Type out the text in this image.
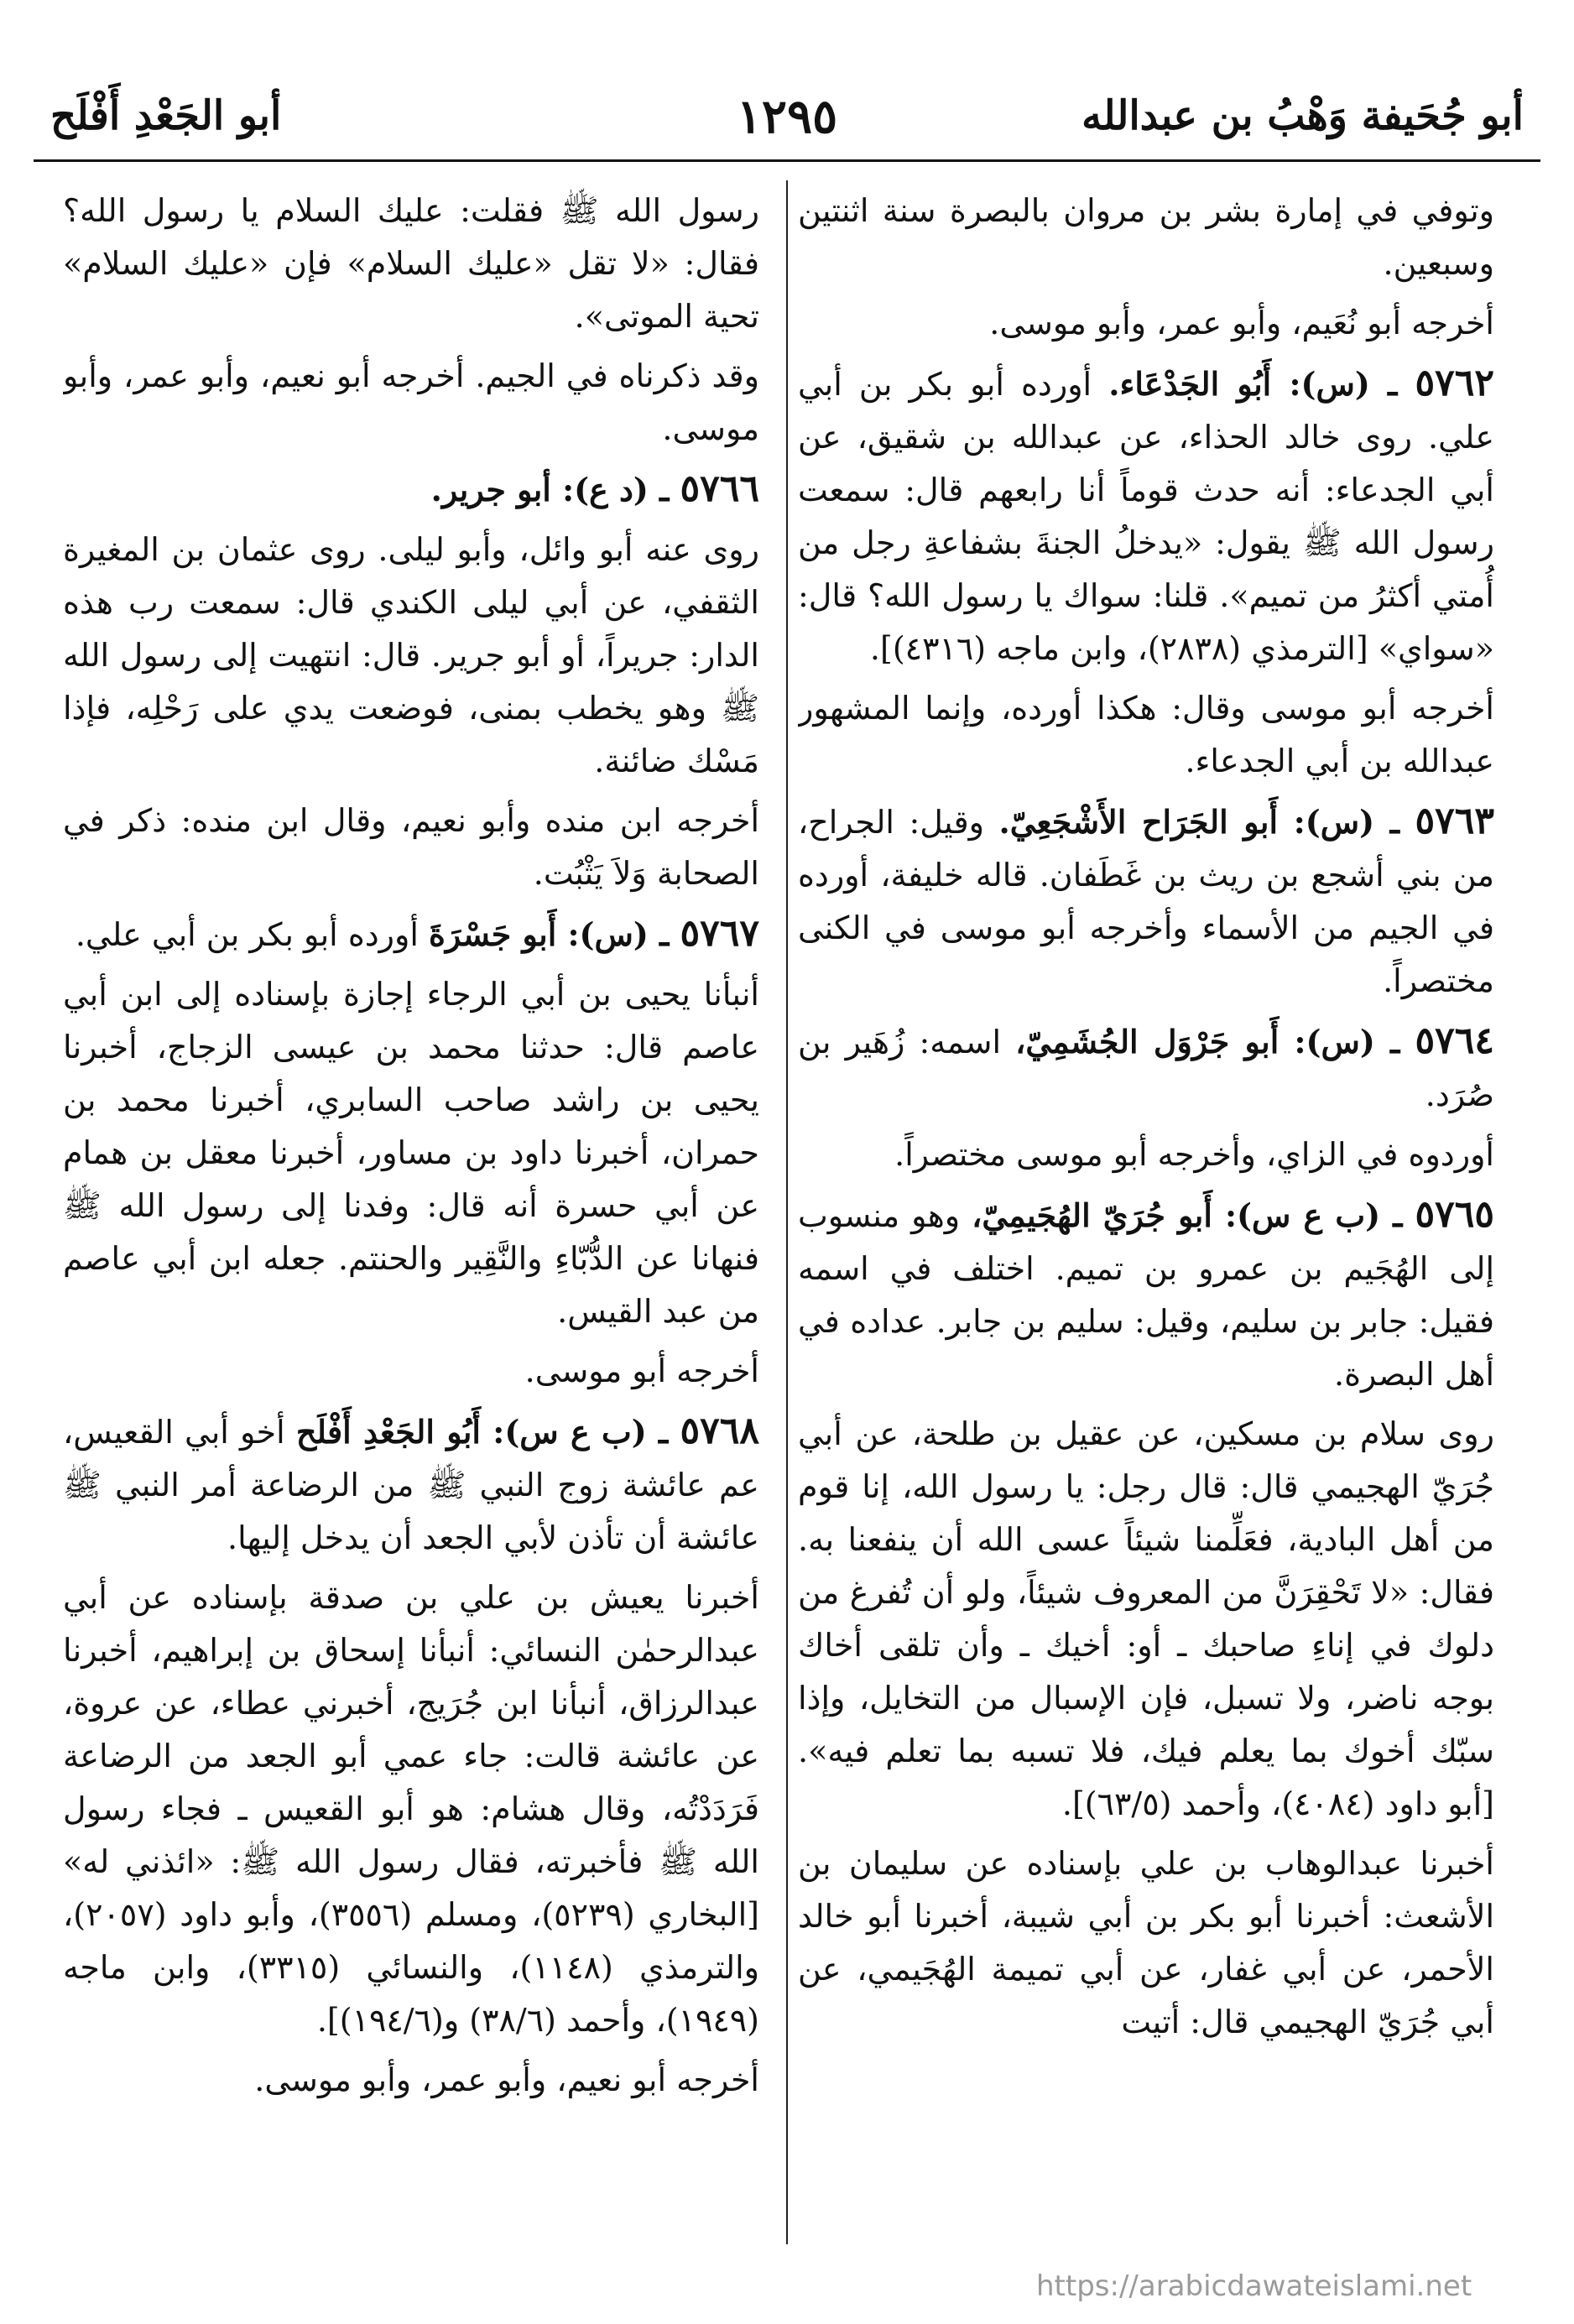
أبو جُحَيفة وَهْبُ بن عبدالله
١٢٩٥
أبو الجَعْدِ أَفْلَح

وتوفي في إمارة بشر بن مروان بالبصرة سنة اثنتين وسبعين.

أخرجه أبو نُعَيم، وأبو عمر، وأبو موسى.

٥٧٦٢ ـ (س): أَبُو الجَدْعَاء. أورده أبو بكر بن أبي علي. روى خالد الحذاء، عن عبدالله بن شقيق، عن أبي الجدعاء: أنه حدث قوماً أنا رابعهم قال: سمعت رسول الله ﷺ يقول: «يدخلُ الجنةَ بشفاعةِ رجل من أُمتي أكثرُ من تميم». قلنا: سواك يا رسول الله؟ قال: «سواي» [الترمذي (٢٨٣٨)، وابن ماجه (٤٣١٦)].

أخرجه أبو موسى وقال: هكذا أورده، وإنما المشهور عبدالله بن أبي الجدعاء.

٥٧٦٣ ـ (س): أَبو الجَرَاح الأَشْجَعِيّ. وقيل: الجراح، من بني أشجع بن ريث بن غَطَفان. قاله خليفة، أورده في الجيم من الأسماء وأخرجه أبو موسى في الكنى مختصراً.

٥٧٦٤ ـ (س): أَبو جَرْوَل الجُشَمِيّ، اسمه: زُهَير بن صُرَد.

أوردوه في الزاي، وأخرجه أبو موسى مختصراً.

٥٧٦٥ ـ (ب ع س): أَبو جُرَيّ الهُجَيمِيّ، وهو منسوب إلى الهُجَيم بن عمرو بن تميم. اختلف في اسمه فقيل: جابر بن سليم، وقيل: سليم بن جابر. عداده في أهل البصرة.

روى سلام بن مسكين، عن عقيل بن طلحة، عن أبي جُرَيّ الهجيمي قال: قال رجل: يا رسول الله، إنا قوم من أهل البادية، فعَلِّمنا شيئاً عسى الله أن ينفعنا به. فقال: «لا تَحْقِرَنَّ من المعروف شيئاً، ولو أن تُفرغ من دلوك في إناءِ صاحبك ـ أو: أخيك ـ وأن تلقى أخاك بوجه ناضر، ولا تسبل، فإن الإسبال من التخايل، وإذا سبّك أخوك بما يعلم فيك، فلا تسبه بما تعلم فيه». [أبو داود (٤٠٨٤)، وأحمد (٦٣/٥)].

أخبرنا عبدالوهاب بن علي بإسناده عن سليمان بن الأشعث: أخبرنا أبو بكر بن أبي شيبة، أخبرنا أبو خالد الأحمر، عن أبي غفار، عن أبي تميمة الهُجَيمي، عن أبي جُرَيّ الهجيمي قال: أتيت

رسول الله ﷺ فقلت: عليك السلام يا رسول الله؟ فقال: «لا تقل «عليك السلام» فإن «عليك السلام» تحية الموتى».

وقد ذكرناه في الجيم. أخرجه أبو نعيم، وأبو عمر، وأبو موسى.

٥٧٦٦ ـ (د ع): أبو جرير.

روى عنه أبو وائل، وأبو ليلى. روى عثمان بن المغيرة الثقفي، عن أبي ليلى الكندي قال: سمعت رب هذه الدار: جريراً، أو أبو جرير. قال: انتهيت إلى رسول الله ﷺ وهو يخطب بمنى، فوضعت يدي على رَحْلِه، فإذا مَسْك ضائنة.

أخرجه ابن منده وأبو نعيم، وقال ابن منده: ذكر في الصحابة وَلاَ يَثْبُت.

٥٧٦٧ ـ (س): أَبو جَسْرَةَ أورده أبو بكر بن أبي علي.

أنبأنا يحيى بن أبي الرجاء إجازة بإسناده إلى ابن أبي عاصم قال: حدثنا محمد بن عيسى الزجاج، أخبرنا يحيى بن راشد صاحب السابري، أخبرنا محمد بن حمران، أخبرنا داود بن مساور، أخبرنا معقل بن همام عن أبي حسرة أنه قال: وفدنا إلى رسول الله ﷺ فنهانا عن الدُّبّاءِ والنَّقِير والحنتم. جعله ابن أبي عاصم من عبد القيس.

أخرجه أبو موسى.

٥٧٦٨ ـ (ب ع س): أَبُو الجَعْدِ أَفْلَح أخو أبي القعيس، عم عائشة زوج النبي ﷺ من الرضاعة أمر النبي ﷺ عائشة أن تأذن لأبي الجعد أن يدخل إليها.

أخبرنا يعيش بن علي بن صدقة بإسناده عن أبي عبدالرحمٰن النسائي: أنبأنا إسحاق بن إبراهيم، أخبرنا عبدالرزاق، أنبأنا ابن جُرَيج، أخبرني عطاء، عن عروة، عن عائشة قالت: جاء عمي أبو الجعد من الرضاعة فَرَدَدْتُه، وقال هشام: هو أبو القعيس ـ فجاء رسول الله ﷺ فأخبرته، فقال رسول الله ﷺ: «ائذني له» [البخاري (٥٢٣٩)، ومسلم (٣٥٥٦)، وأبو داود (٢٠٥٧)، والترمذي (١١٤٨)، والنسائي (٣٣١٥)، وابن ماجه (١٩٤٩)، وأحمد (٣٨/٦) و(١٩٤/٦)].

أخرجه أبو نعيم، وأبو عمر، وأبو موسى.

https://arabicdawateislami.net
